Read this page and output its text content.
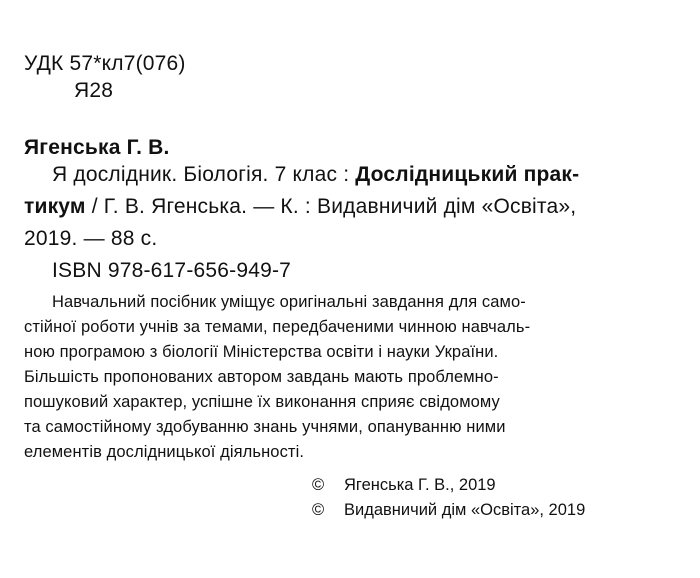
УДК 57*кл7(076)
Я28
Ягенська Г. В.
Я дослідник. Біологія. 7 клас : Дослідницький прак-
тикум / Г. В. Ягенська. — К. : Видавничий дім «Освіта»,
2019. — 88 с.
ISBN 978-617-656-949-7
Навчальний посібник уміщує оригінальні завдання для само-
стійної роботи учнів за темами, передбаченими чинною навчаль-
ною програмою з біології Міністерства освіти і науки України.
Більшість пропонованих автором завдань мають проблемно-
пошуковий характер, успішне їх виконання сприяє свідомому
та самостійному здобуванню знань учнями, опануванню ними
елементів дослідницької діяльності.
© Ягенська Г. В., 2019
© Видавничий дім «Освіта», 2019
